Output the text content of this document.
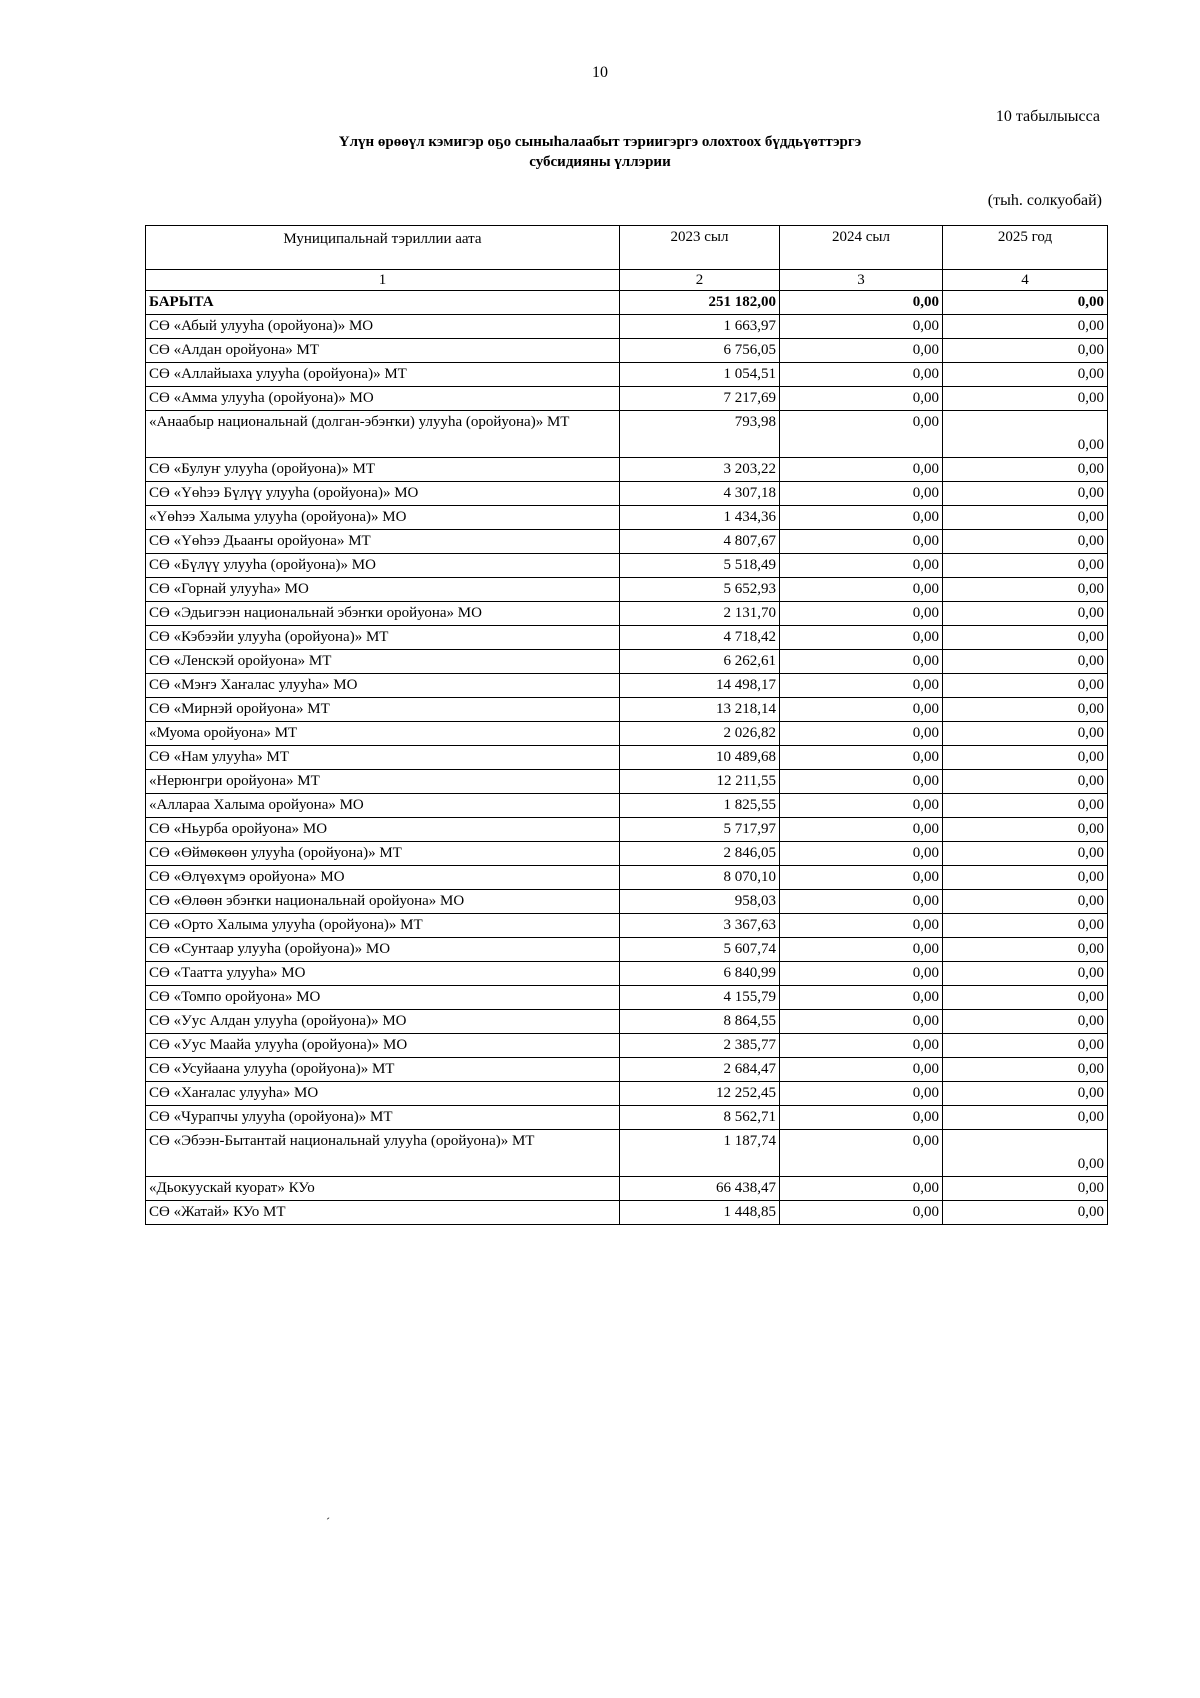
10
10 табылыысса
Үлүн өрөөүл кэмигэр оҕо сыныһалаабыт тэриигэргэ олохтоох бүддьүөттэргэ
субсидияны үллэрии
(тыһ. солкуобай)
Муниципальнай тэриллии аата	2023 сыл	2024 сыл	2025 год
1	2	3	4
БАРЫТА	251 182,00	0,00	0,00
СӨ «Абый улууһа (оройуона)» МО	1 663,97	0,00	0,00
СӨ «Алдан оройуона» МТ	6 756,05	0,00	0,00
СӨ «Аллайыаха улууһа (оройуона)» МТ	1 054,51	0,00	0,00
СӨ «Амма улууһа (оройуона)» МО	7 217,69	0,00	0,00
«Анаабыр национальнай (долган-эбэҥки) улууһа (оройуона)» МТ	793,98	0,00	0,00
СӨ «Булуҥ улууһа (оройуона)» МТ	3 203,22	0,00	0,00
СӨ «Үөһээ Бүлүү улууһа (оройуона)» МО	4 307,18	0,00	0,00
«Үөһээ Халыма улууһа (оройуона)» МО	1 434,36	0,00	0,00
СӨ «Үөһээ Дьааҥы оройуона» МТ	4 807,67	0,00	0,00
СӨ «Бүлүү улууһа (оройуона)» МО	5 518,49	0,00	0,00
СӨ «Горнай улууһа» МО	5 652,93	0,00	0,00
СӨ «Эдьигээн национальнай эбэҥки оройуона» МО	2 131,70	0,00	0,00
СӨ «Кэбээйи улууһа (оройуона)» МТ	4 718,42	0,00	0,00
СӨ «Ленскэй оройуона» МТ	6 262,61	0,00	0,00
СӨ «Мэҥэ Хаҥалас улууһа» МО	14 498,17	0,00	0,00
СӨ «Мирнэй оройуона» МТ	13 218,14	0,00	0,00
«Муома оройуона» МТ	2 026,82	0,00	0,00
СӨ «Нам улууһа» МТ	10 489,68	0,00	0,00
«Нерюнгри оройуона» МТ	12 211,55	0,00	0,00
«Аллараа Халыма оройуона» МО	1 825,55	0,00	0,00
СӨ «Ньурба оройуона» МО	5 717,97	0,00	0,00
СӨ «Өймөкөөн улууһа (оройуона)» МТ	2 846,05	0,00	0,00
СӨ «Өлүөхүмэ оройуона» МО	8 070,10	0,00	0,00
СӨ «Өлөөн эбэҥки национальнай оройуона» МО	958,03	0,00	0,00
СӨ «Орто Халыма улууһа (оройуона)» МТ	3 367,63	0,00	0,00
СӨ «Сунтаар улууһа (оройуона)» МО	5 607,74	0,00	0,00
СӨ «Таатта улууһа» МО	6 840,99	0,00	0,00
СӨ «Томпо оройуона» МО	4 155,79	0,00	0,00
СӨ «Уус Алдан улууһа (оройуона)» МО	8 864,55	0,00	0,00
СӨ «Уус Маайа улууһа (оройуона)» МО	2 385,77	0,00	0,00
СӨ «Усуйаана улууһа (оройуона)» МТ	2 684,47	0,00	0,00
СӨ «Хаҥалас улууһа» МО	12 252,45	0,00	0,00
СӨ «Чурапчы улууһа (оройуона)» МТ	8 562,71	0,00	0,00
СӨ «Эбээн-Бытантай национальнай улууһа (оройуона)» МТ	1 187,74	0,00	0,00
«Дьокуускай куорат» КУо	66 438,47	0,00	0,00
СӨ «Жатай» КУо МТ	1 448,85	0,00	0,00
ˊ
